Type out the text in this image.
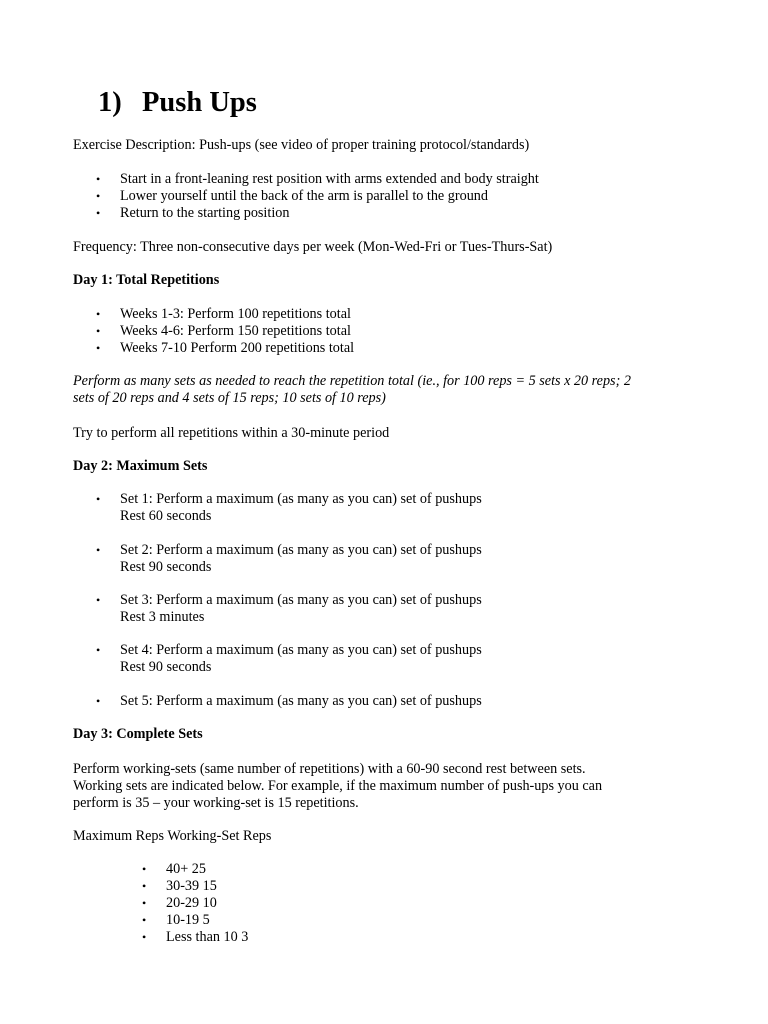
1) Push Ups

Exercise Description: Push-ups (see video of proper training protocol/standards)

• Start in a front-leaning rest position with arms extended and body straight
• Lower yourself until the back of the arm is parallel to the ground
• Return to the starting position

Frequency: Three non-consecutive days per week (Mon-Wed-Fri or Tues-Thurs-Sat)

Day 1: Total Repetitions

• Weeks 1-3: Perform 100 repetitions total
• Weeks 4-6: Perform 150 repetitions total
• Weeks 7-10 Perform 200 repetitions total

Perform as many sets as needed to reach the repetition total (ie., for 100 reps = 5 sets x 20 reps; 2

sets of 20 reps and 4 sets of 15 reps; 10 sets of 10 reps)

Try to perform all repetitions within a 30-minute period

Day 2: Maximum Sets

• Set 1: Perform a maximum (as many as you can) set of pushups
Rest 60 seconds
• Set 2: Perform a maximum (as many as you can) set of pushups
Rest 90 seconds
• Set 3: Perform a maximum (as many as you can) set of pushups
Rest 3 minutes
• Set 4: Perform a maximum (as many as you can) set of pushups
Rest 90 seconds
• Set 5: Perform a maximum (as many as you can) set of pushups

Day 3: Complete Sets

Perform working-sets (same number of repetitions) with a 60-90 second rest between sets.

Working sets are indicated below. For example, if the maximum number of push-ups you can

perform is 35 – your working-set is 15 repetitions.

Maximum Reps Working-Set Reps

• 40+ 25
• 30-39 15
• 20-29 10
• 10-19 5
• Less than 10 3
